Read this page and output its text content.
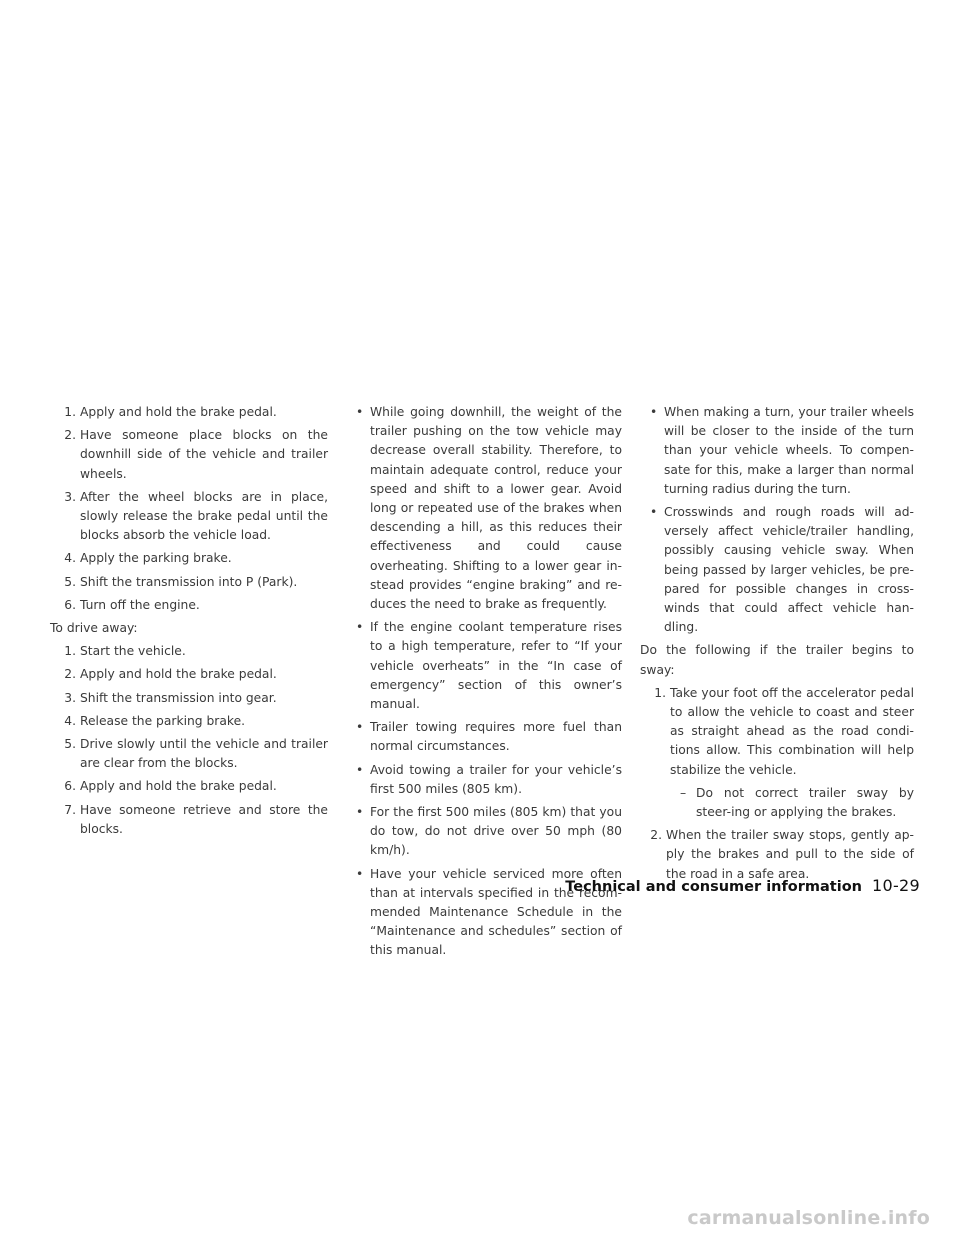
1. Apply and hold the brake pedal.
2. Have someone place blocks on the downhill side of the vehicle and trailer wheels.
3. After the wheel blocks are in place, slowly release the brake pedal until the blocks absorb the vehicle load.
4. Apply the parking brake.
5. Shift the transmission into P (Park).
6. Turn off the engine.

To drive away:

1. Start the vehicle.
2. Apply and hold the brake pedal.
3. Shift the transmission into gear.
4. Release the parking brake.
5. Drive slowly until the vehicle and trailer are clear from the blocks.
6. Apply and hold the brake pedal.
7. Have someone retrieve and store the blocks.
• While going downhill, the weight of the trailer pushing on the tow vehicle may decrease overall stability. Therefore, to maintain adequate control, reduce your speed and shift to a lower gear. Avoid long or repeated use of the brakes when descending a hill, as this reduces their effectiveness and could cause overheating. Shifting to a lower gear in-stead provides “engine braking” and re-duces the need to brake as frequently.
• If the engine coolant temperature rises to a high temperature, refer to “If your vehicle overheats” in the “In case of emergency” section of this owner’s manual.
• Trailer towing requires more fuel than normal circumstances.
• Avoid towing a trailer for your vehicle’s first 500 miles (805 km).
• For the first 500 miles (805 km) that you do tow, do not drive over 50 mph (80 km/h).
• Have your vehicle serviced more often than at intervals specified in the recom-mended Maintenance Schedule in the “Maintenance and schedules” section of this manual.
• When making a turn, your trailer wheels will be closer to the inside of the turn than your vehicle wheels. To compen-sate for this, make a larger than normal turning radius during the turn.
• Crosswinds and rough roads will ad-versely affect vehicle/trailer handling, possibly causing vehicle sway. When being passed by larger vehicles, be pre-pared for possible changes in cross-winds that could affect vehicle han-dling.

Do the following if the trailer begins to sway:

1. Take your foot off the accelerator pedal to allow the vehicle to coast and steer as straight ahead as the road condi-tions allow. This combination will help stabilize the vehicle.
– Do not correct trailer sway by steer-ing or applying the brakes.
2. When the trailer sway stops, gently ap-ply the brakes and pull to the side of the road in a safe area.
Technical and consumer information 10-29
carmanualsonline.info
